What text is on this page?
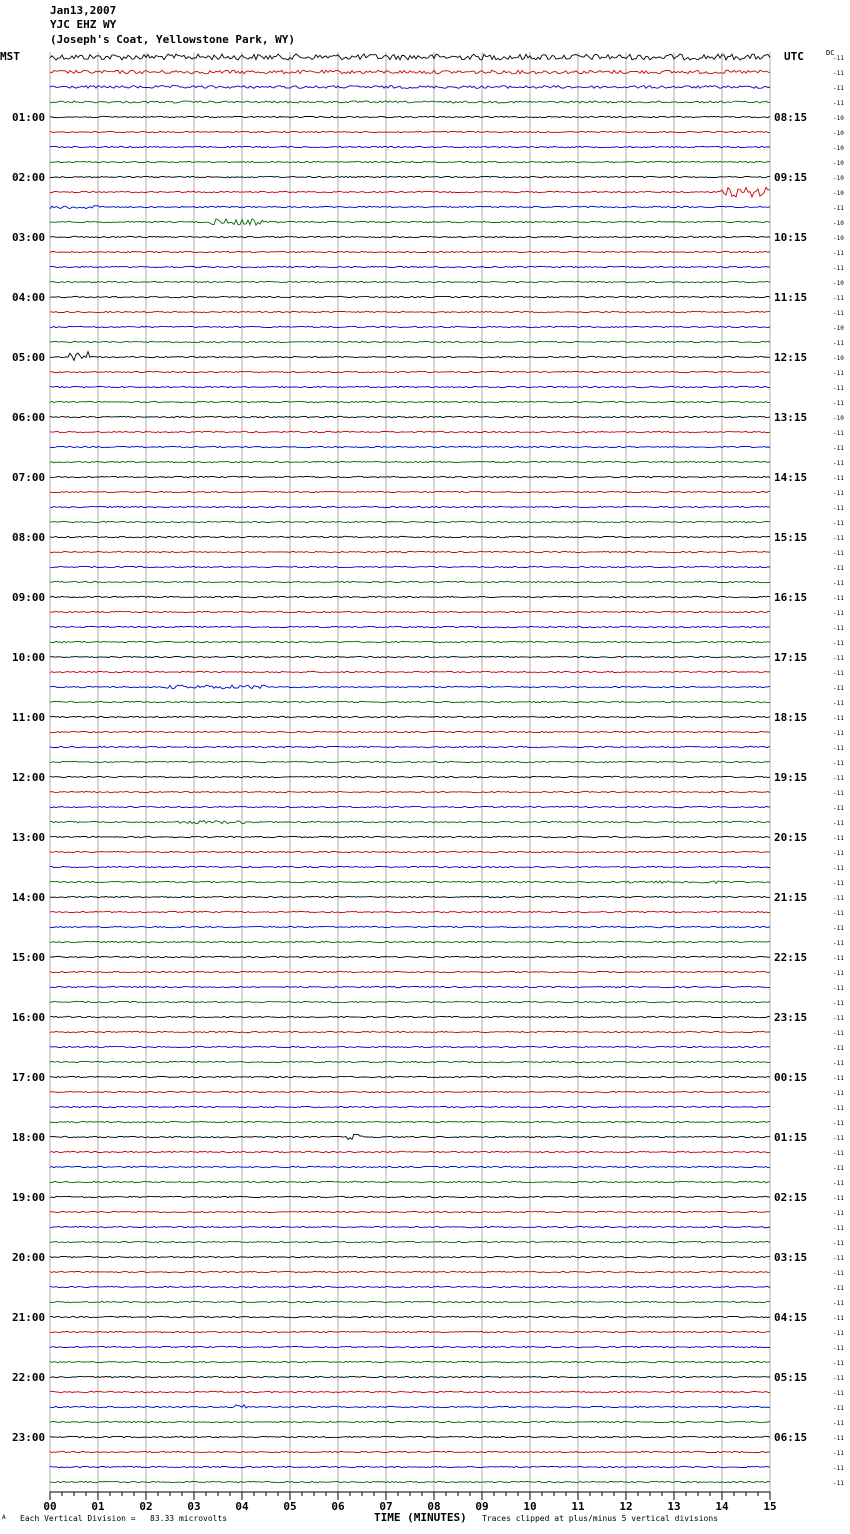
Jan13,2007
YJC EHZ WY
(Joseph's Coat, Yellowstone Park, WY)
MST	UTC	DC
-11
-11
-11
-11
-10
-10
-10
-10
-10
-10
-11
-10
-10
-11
-11
-10
-11
-11
-10
-11
-10
-11
-11
-11
-10
-11
-11
-11
-11
-11
-11
-11
-11
-11
-11
-11
-11
-11
-11
-11
-11
-11
-11
-11
-11
-11
-11
-11
-11
-11
-11
-11
-11
-11
-11
-11
-11
-11
-11
-11
-11
-11
-11
-11
-11
-11
-11
-11
-11
-11
-11
-11
-11
-11
-11
-11
-11
-11
-11
-11
-11
-11
-11
-11
-11
-11
-11
-11
-11
-11
-11
-11
-11
-11
-11
-11
01:00	08:15
02:00	09:15
03:00	10:15
04:00	11:15
05:00	12:15
06:00	13:15
07:00	14:15
08:00	15:15
09:00	16:15
10:00	17:15
11:00	18:15
12:00	19:15
13:00	20:15
14:00	21:15
15:00	22:15
16:00	23:15
17:00	00:15
18:00	01:15
19:00	02:15
20:00	03:15
21:00	04:15
22:00	05:15
23:00	06:15
00	01	02	03	04	05	06	07	08	09	10	11	12	13	14	15
TIME (MINUTES)
A Each Vertical Division =   83.33 microvolts	Traces clipped at plus/minus 5 vertical divisions
